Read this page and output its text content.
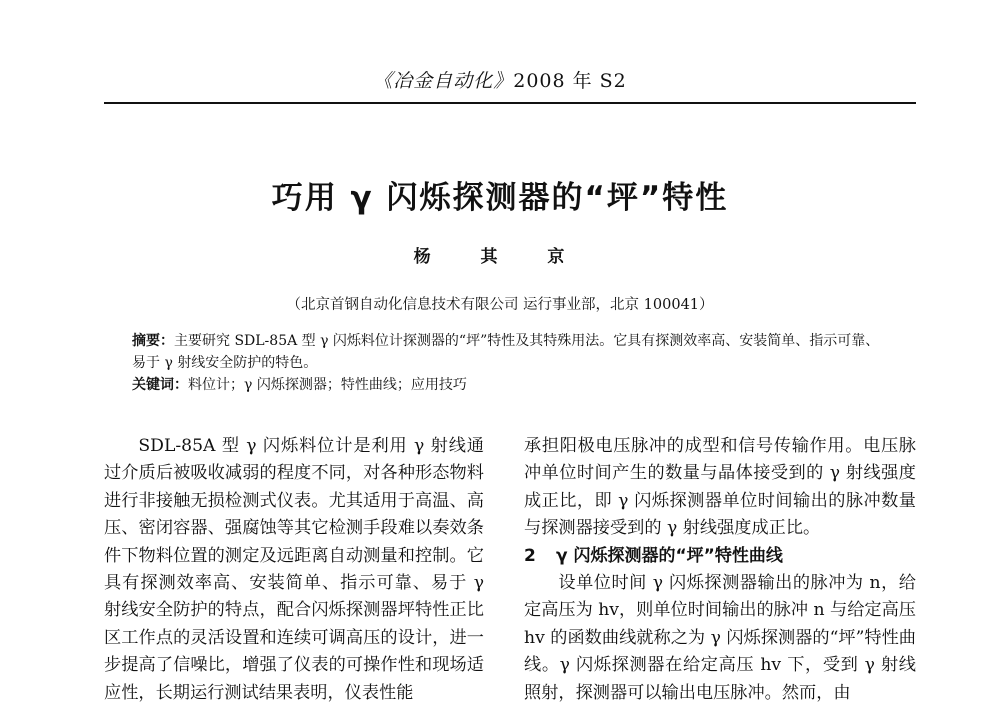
《冶金自动化》2008 年 S2
巧用 γ 闪烁探测器的“坪”特性
杨 其 京
（北京首钢自动化信息技术有限公司 运行事业部，北京 100041）
摘要：主要研究 SDL-85A 型 γ 闪烁料位计探测器的“坪”特性及其特殊用法。它具有探测效率高、安装简单、指示可靠、易于 γ 射线安全防护的特色。
关键词：料位计；γ 闪烁探测器；特性曲线；应用技巧

SDL-85A 型 γ 闪烁料位计是利用 γ 射线通过介质后被吸收减弱的程度不同，对各种形态物料进行非接触无损检测式仪表。尤其适用于高温、高压、密闭容器、强腐蚀等其它检测手段难以奏效条件下物料位置的测定及远距离自动测量和控制。它具有探测效率高、安装简单、指示可靠、易于 γ 射线安全防护的特点，配合闪烁探测器坪特性正比区工作点的灵活设置和连续可调高压的设计，进一步提高了信噪比，增强了仪表的可操作性和现场适应性，长期运行测试结果表明，仪表性能

承担阳极电压脉冲的成型和信号传输作用。电压脉冲单位时间产生的数量与晶体接受到的 γ 射线强度成正比，即 γ 闪烁探测器单位时间输出的脉冲数量与探测器接受到的 γ 射线强度成正比。

2 γ 闪烁探测器的“坪”特性曲线

设单位时间 γ 闪烁探测器输出的脉冲为 n，给定高压为 hv，则单位时间输出的脉冲 n 与给定高压 hv 的函数曲线就称之为 γ 闪烁探测器的“坪”特性曲线。γ 闪烁探测器在给定高压 hv 下，受到 γ 射线照射，探测器可以输出电压脉冲。然而，由
